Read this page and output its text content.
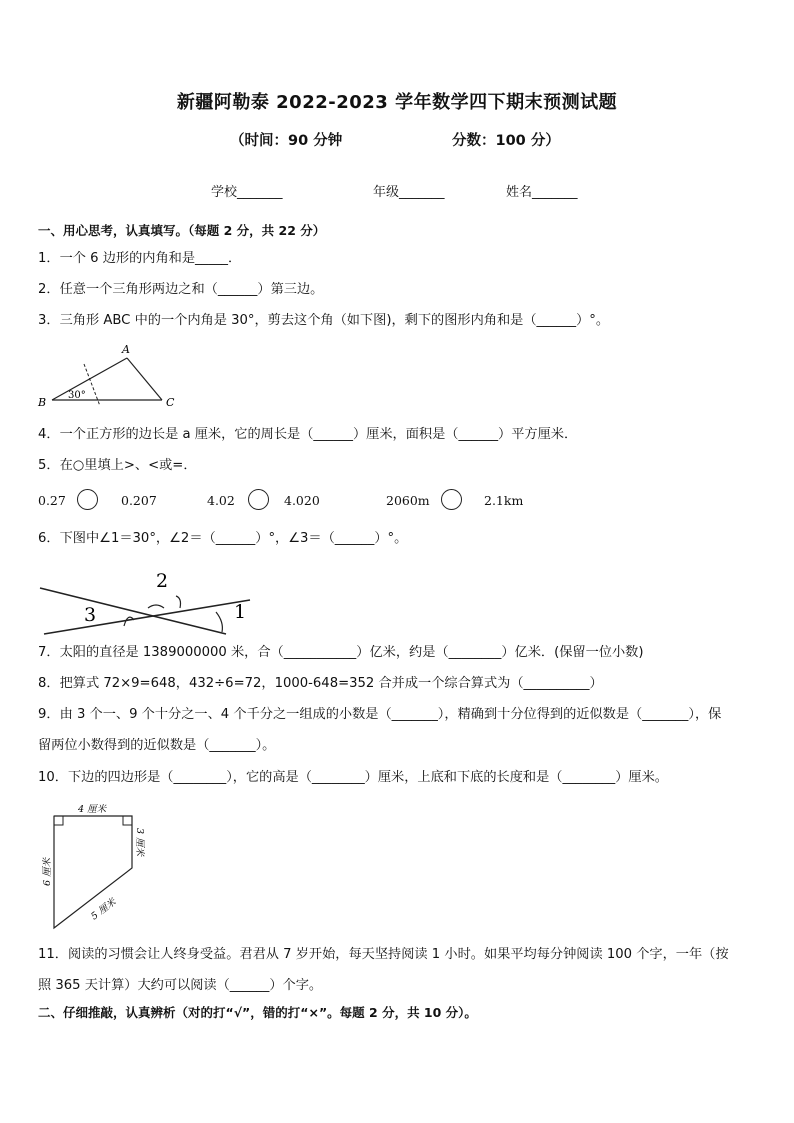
新疆阿勒泰 2022-2023 学年数学四下期末预测试题
（时间：90 分钟	分数：100 分）
学校_______	年级_______	姓名_______
一、用心思考，认真填写。（每题 2 分，共 22 分）
1．一个 6 边形的内角和是_____．
2．任意一个三角形两边之和（______）第三边。
3．三角形 ABC 中的一个内角是 30°，剪去这个角（如下图)，剩下的图形内角和是（______）°。
A
B	C
30°
4．一个正方形的边长是 a 厘米，它的周长是（______）厘米，面积是（______）平方厘米．
5．在○里填上>、<或=．
0.27	0.207	4.02	4.020	2060m	2.1km
6．下图中∠1＝30°，∠2＝（______）°，∠3＝（______）°。
2
3	1
7．太阳的直径是 1389000000 米，合（___________）亿米，约是（________）亿米．(保留一位小数)
8．把算式 72×9=648，432÷6=72，1000-648=352 合并成一个综合算式为（__________）
9．由 3 个一、9 个十分之一、4 个千分之一组成的小数是（_______），精确到十分位得到的近似数是（_______），保
留两位小数得到的近似数是（_______）。
10．下边的四边形是（________），它的高是（________）厘米，上底和下底的长度和是（________）厘米。
4 厘米
6 厘米
3 厘米
5 厘米
11．阅读的习惯会让人终身受益。君君从 7 岁开始，每天坚持阅读 1 小时。如果平均每分钟阅读 100 个字，一年（按
照 365 天计算）大约可以阅读（______）个字。
二、仔细推敲，认真辨析（对的打“√”，错的打“×”。每题 2 分，共 10 分）。
